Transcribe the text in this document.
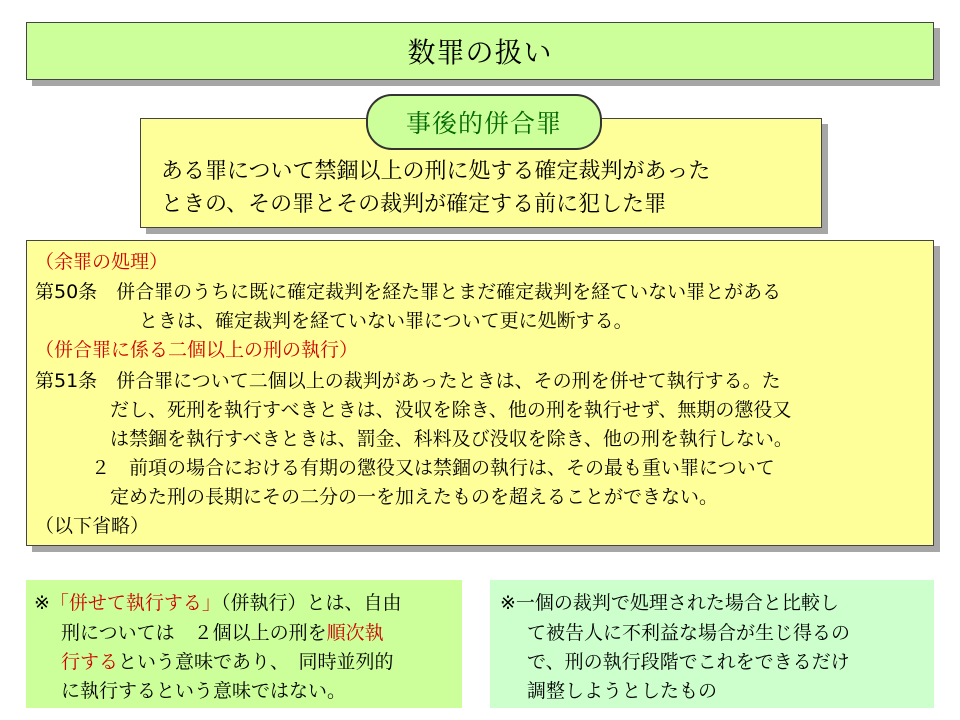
数罪の扱い
ある罪について禁錮以上の刑に処する確定裁判があった
ときの、その罪とその裁判が確定する前に犯した罪
事後的併合罪
（余罪の処理）
第50条　併合罪のうちに既に確定裁判を経た罪とまだ確定裁判を経ていない罪とがある
ときは、確定裁判を経ていない罪について更に処断する。
（併合罪に係る二個以上の刑の執行）
第51条　併合罪について二個以上の裁判があったときは、その刑を併せて執行する。た
だし、死刑を執行すべきときは、没収を除き、他の刑を執行せず、無期の懲役又
は禁錮を執行すべきときは、罰金、科料及び没収を除き、他の刑を執行しない。
２　前項の場合における有期の懲役又は禁錮の執行は、その最も重い罪について
定めた刑の長期にその二分の一を加えたものを超えることができない。
（以下省略）
※「併せて執行する」（併執行）とは、自由
刑については　２個以上の刑を順次執
行するという意味であり、　同時並列的
に執行するという意味ではない。
※一個の裁判で処理された場合と比較し
て被告人に不利益な場合が生じ得るの
で、刑の執行段階でこれをできるだけ
調整しようとしたもの
